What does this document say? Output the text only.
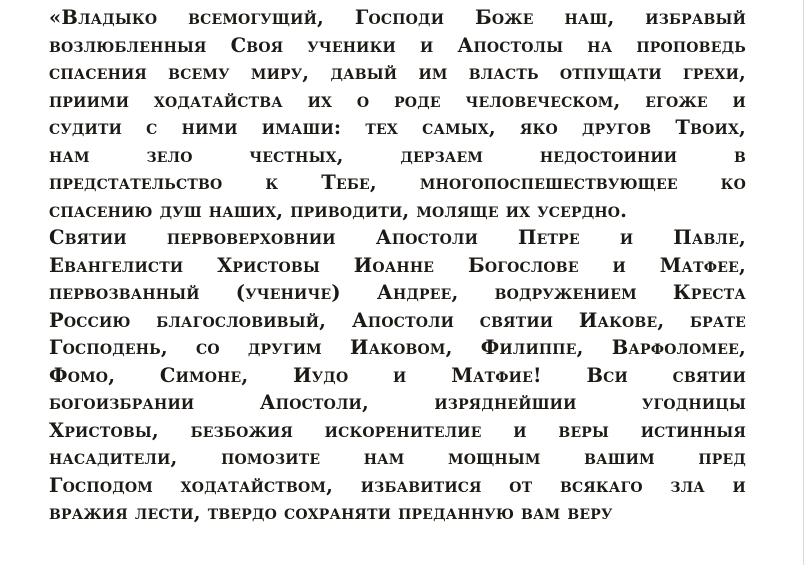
«Владыко всемогущий, Господи Боже наш, избравый
возлюбленныя Своя ученики и Апостолы на проповедь
спасения всему миру, давый им власть отпущати грехи,
приими ходатайства их о роде человеческом, егоже и
судити с ними имаши: тех самых, яко другов Твоих,
нам зело честных, дерзаем недостоинии в
предстательство к Тебе, многопоспешествующее ко
спасению душ наших, приводити, моляще их усердно.
Святии первоверховнии Апостоли Петре и Павле,
Евангелисти Христовы Иоанне Богослове и Матфее,
первозванный (учениче) Андрее, водружением Креста
Россию благословивый, Апостоли святии Иакове, брате
Господень, со другим Иаковом, Филиппе, Варфоломее,
Фомо, Симоне, Иудо и Матфие! Вси святии
богоизбрании Апостоли, изряднейшии угодницы
Христовы, безбожия искоренителие и веры истинныя
насадители, помозите нам мощным вашим пред
Господом ходатайством, избавитися от всякаго зла и
вражия лести, твердо сохраняти преданную вам веру
